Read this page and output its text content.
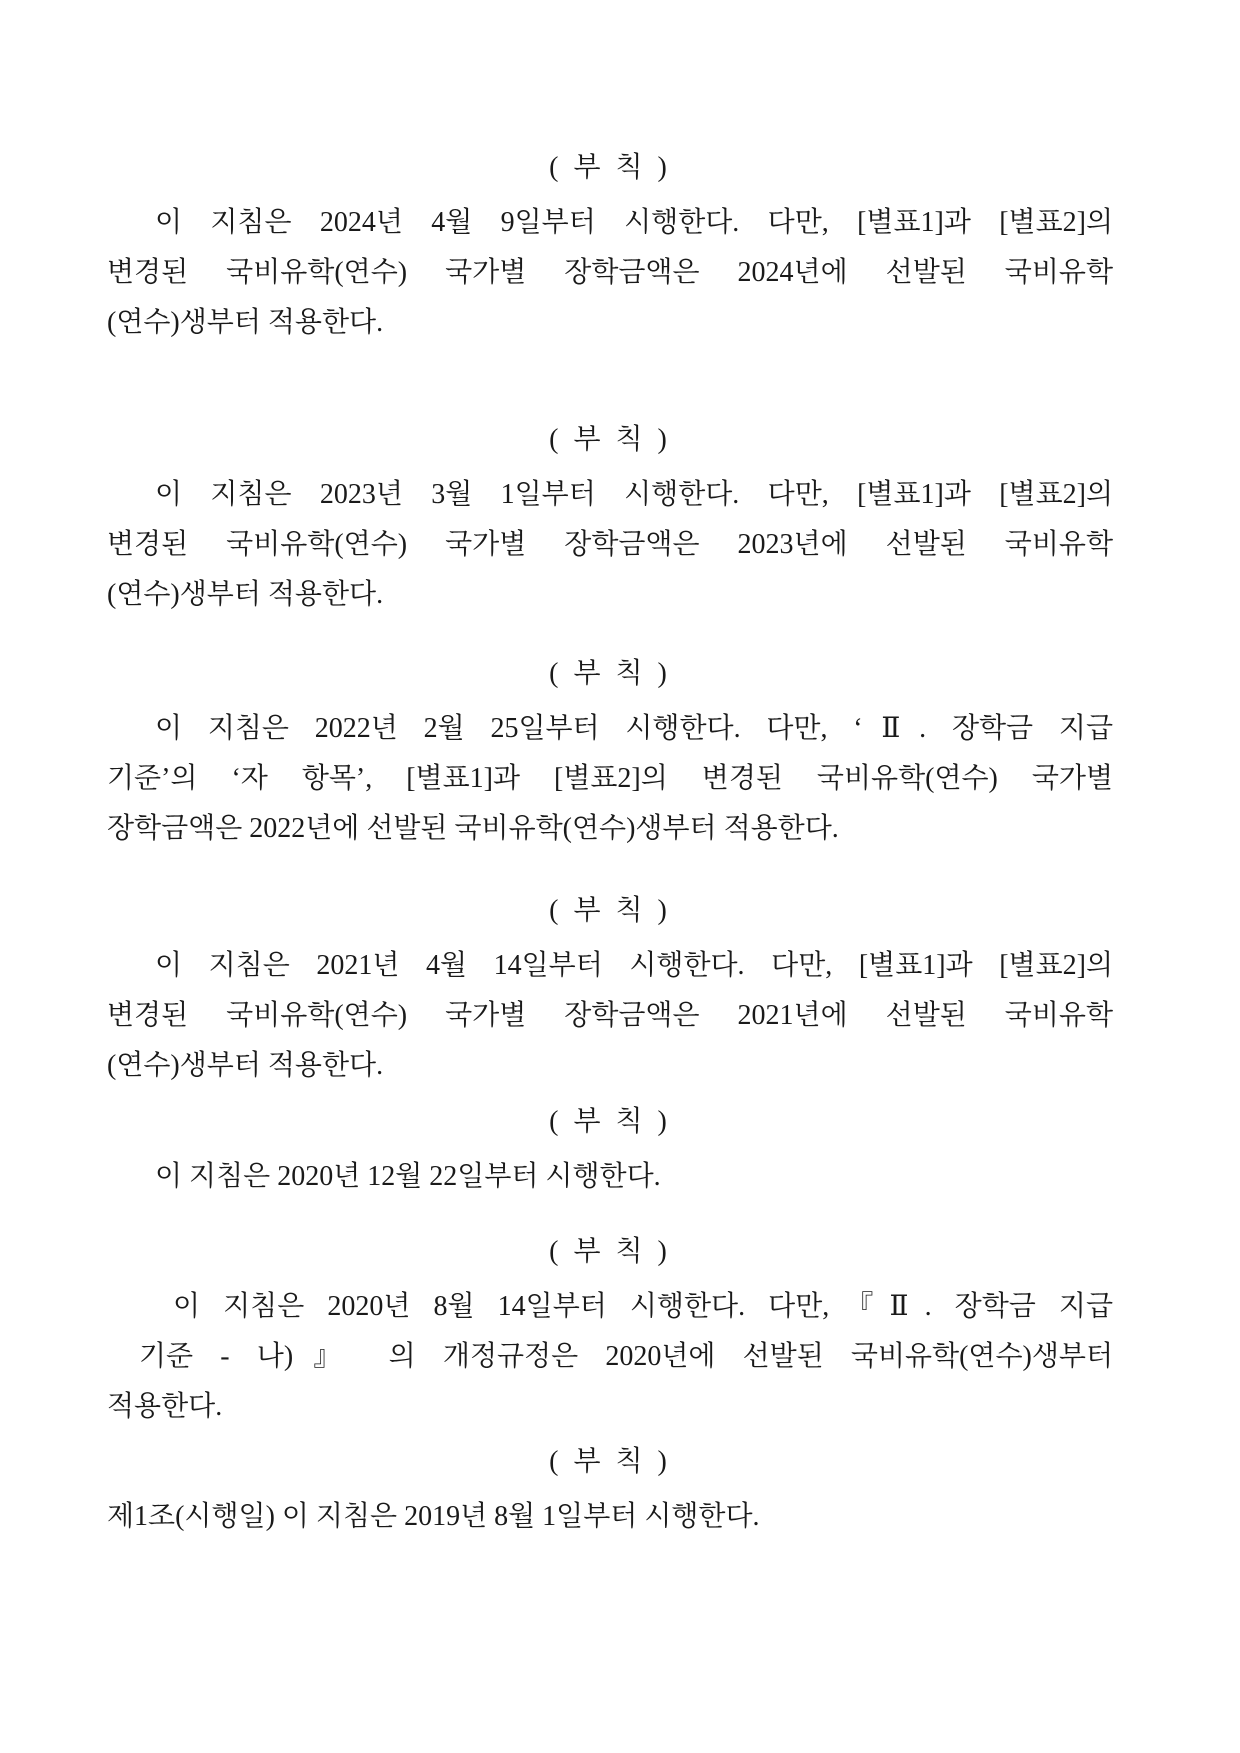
( 부 칙 )
이 지침은 2024년 4월 9일부터 시행한다. 다만, [별표1]과 [별표2]의
변경된 국비유학(연수) 국가별 장학금액은 2024년에 선발된 국비유학
(연수)생부터 적용한다.
( 부 칙 )
이 지침은 2023년 3월 1일부터 시행한다. 다만, [별표1]과 [별표2]의
변경된 국비유학(연수) 국가별 장학금액은 2023년에 선발된 국비유학
(연수)생부터 적용한다.
( 부 칙 )
이 지침은 2022년 2월 25일부터 시행한다. 다만, ‘Ⅱ. 장학금 지급
기준’의 ‘자 항목’, [별표1]과 [별표2]의 변경된 국비유학(연수) 국가별
장학금액은 2022년에 선발된 국비유학(연수)생부터 적용한다.
( 부 칙 )
이 지침은 2021년 4월 14일부터 시행한다. 다만, [별표1]과 [별표2]의
변경된 국비유학(연수) 국가별 장학금액은 2021년에 선발된 국비유학
(연수)생부터 적용한다.
( 부 칙 )
이 지침은 2020년 12월 22일부터 시행한다.
( 부 칙 )
이 지침은 2020년 8월 14일부터 시행한다. 다만,『Ⅱ. 장학금 지급
기준 - 나)』 의 개정규정은 2020년에 선발된 국비유학(연수)생부터
적용한다.
( 부 칙 )
제1조(시행일) 이 지침은 2019년 8월 1일부터 시행한다.
